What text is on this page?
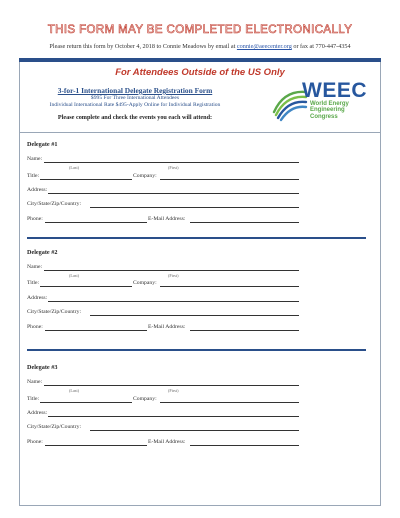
THIS FORM MAY BE COMPLETED ELECTRONICALLY
Please return this form by October 4, 2018 to Connie Meadows by email at connie@aeecenter.org or fax at 770-447-4354
For Attendees Outside of the US Only
3-for-1 International Delegate Registration Form
$995 For Three International Attendees
Individual International Rate $495-Apply Online for Individual Registration
Please complete and check the events you each will attend:
WEEC
World Energy
Engineering
Congress
Delegate #1
Name:
(Last)	(First)
Title:	Company:
Address:
City/State/Zip/Country:
Phone:	E-Mail Address:
Delegate #2
Name:
(Last)	(First)
Title:	Company:
Address:
City/State/Zip/Country:
Phone:	E-Mail Address:
Delegate #3
Name:
(Last)	(First)
Title:	Company:
Address:
City/State/Zip/Country:
Phone:	E-Mail Address:
